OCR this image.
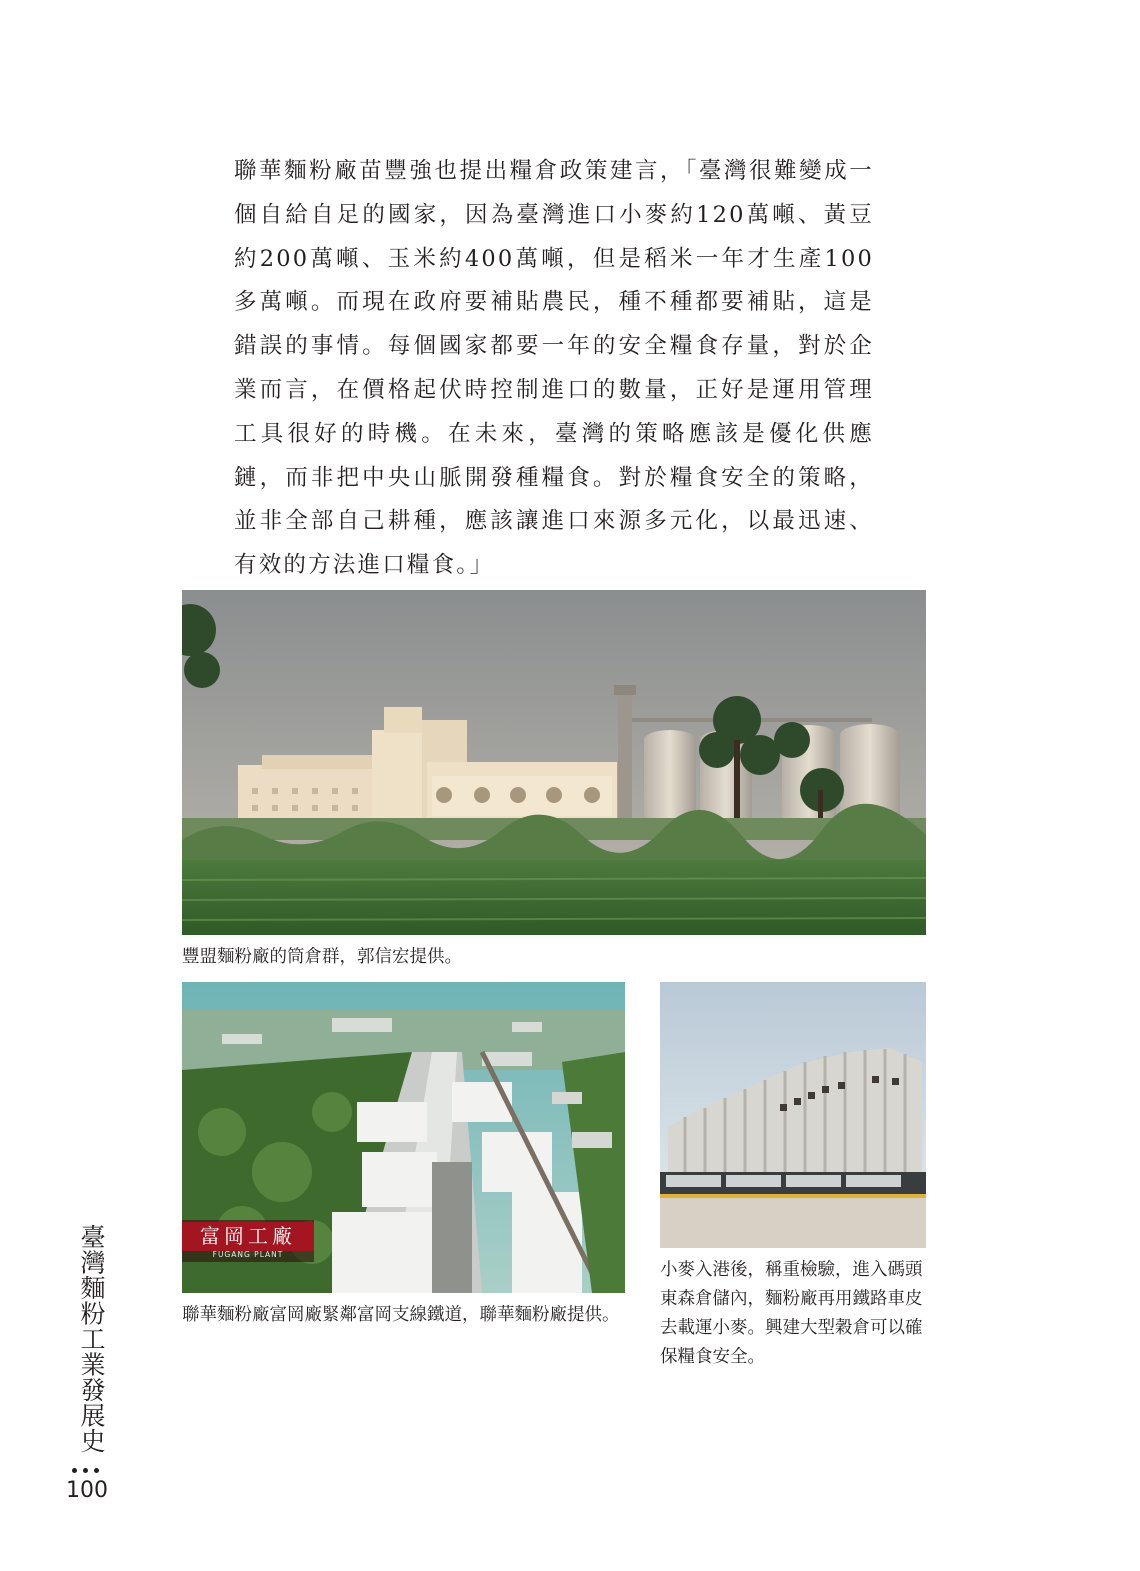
聯華麵粉廠苗豐強也提出糧倉政策建言，「臺灣很難變成一個自給自足的國家，因為臺灣進口小麥約120萬噸、黃豆約200萬噸、玉米約400萬噸，但是稻米一年才生產100多萬噸。而現在政府要補貼農民，種不種都要補貼，這是錯誤的事情。每個國家都要一年的安全糧食存量，對於企業而言，在價格起伏時控制進口的數量，正好是運用管理工具很好的時機。在未來，臺灣的策略應該是優化供應鏈，而非把中央山脈開發種糧食。對於糧食安全的策略，並非全部自己耕種，應該讓進口來源多元化，以最迅速、有效的方法進口糧食。」

豐盟麵粉廠的筒倉群，郭信宏提供。

富岡工廠
FUGANG PLANT

聯華麵粉廠富岡廠緊鄰富岡支線鐵道，聯華麵粉廠提供。

小麥入港後，稱重檢驗，進入碼頭東森倉儲內，麵粉廠再用鐵路車皮去載運小麥。興建大型穀倉可以確保糧食安全。

臺灣麵粉工業發展史
100
